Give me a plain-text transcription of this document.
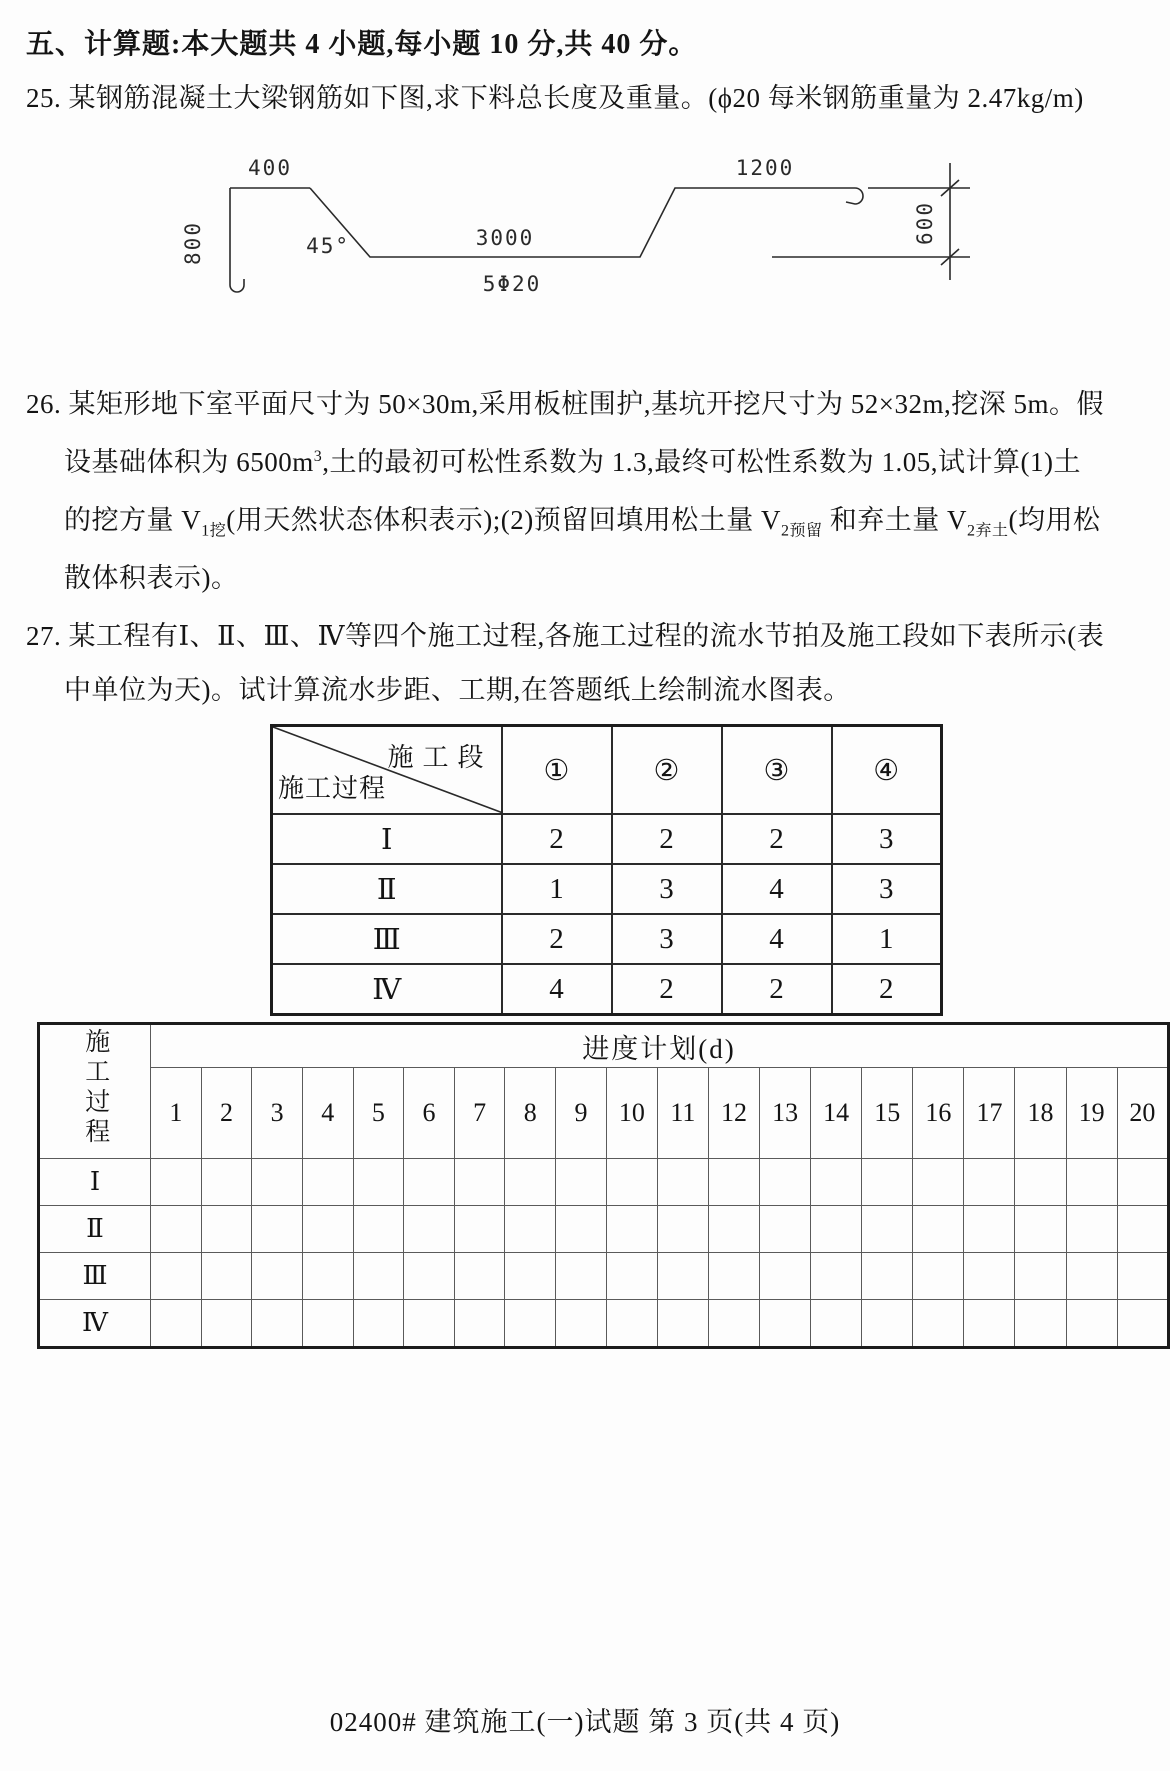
五、计算题:本大题共 4 小题,每小题 10 分,共 40 分。
25. 某钢筋混凝土大梁钢筋如下图,求下料总长度及重量。(ϕ20 每米钢筋重量为 2.47kg/m)
400
800	45°	3000
5Φ20
1200
600
26. 某矩形地下室平面尺寸为 50×30m,采用板桩围护,基坑开挖尺寸为 52×32m,挖深 5m。假
设基础体积为 $6500m^3$,土的最初可松性系数为 1.3,最终可松性系数为 1.05,试计算(1)土
的挖方量 $V_{1挖}$(用天然状态体积表示);(2)预留回填用松土量 $V_{2预留}$ 和弃土量 $V_{2弃土}$(均用松
散体积表示)。
27. 某工程有Ⅰ、Ⅱ、Ⅲ、Ⅳ等四个施工过程,各施工过程的流水节拍及施工段如下表所示(表
中单位为天)。试计算流水步距、工期,在答题纸上绘制流水图表。
施工段
施工过程	①	②	③	④
Ⅰ	2	2	2	3
Ⅱ	1	3	4	3
Ⅲ	2	3	4	1
Ⅳ	4	2	2	2
施工过程	进度计划(d)																			
	1	2	3	4	5	6	7	8	9	10	11	12	13	14	15	16	17	18	19	20
Ⅰ																				
Ⅱ																				
Ⅲ																				
Ⅳ																				
02400# 建筑施工(一)试题 第 3 页(共 4 页)
